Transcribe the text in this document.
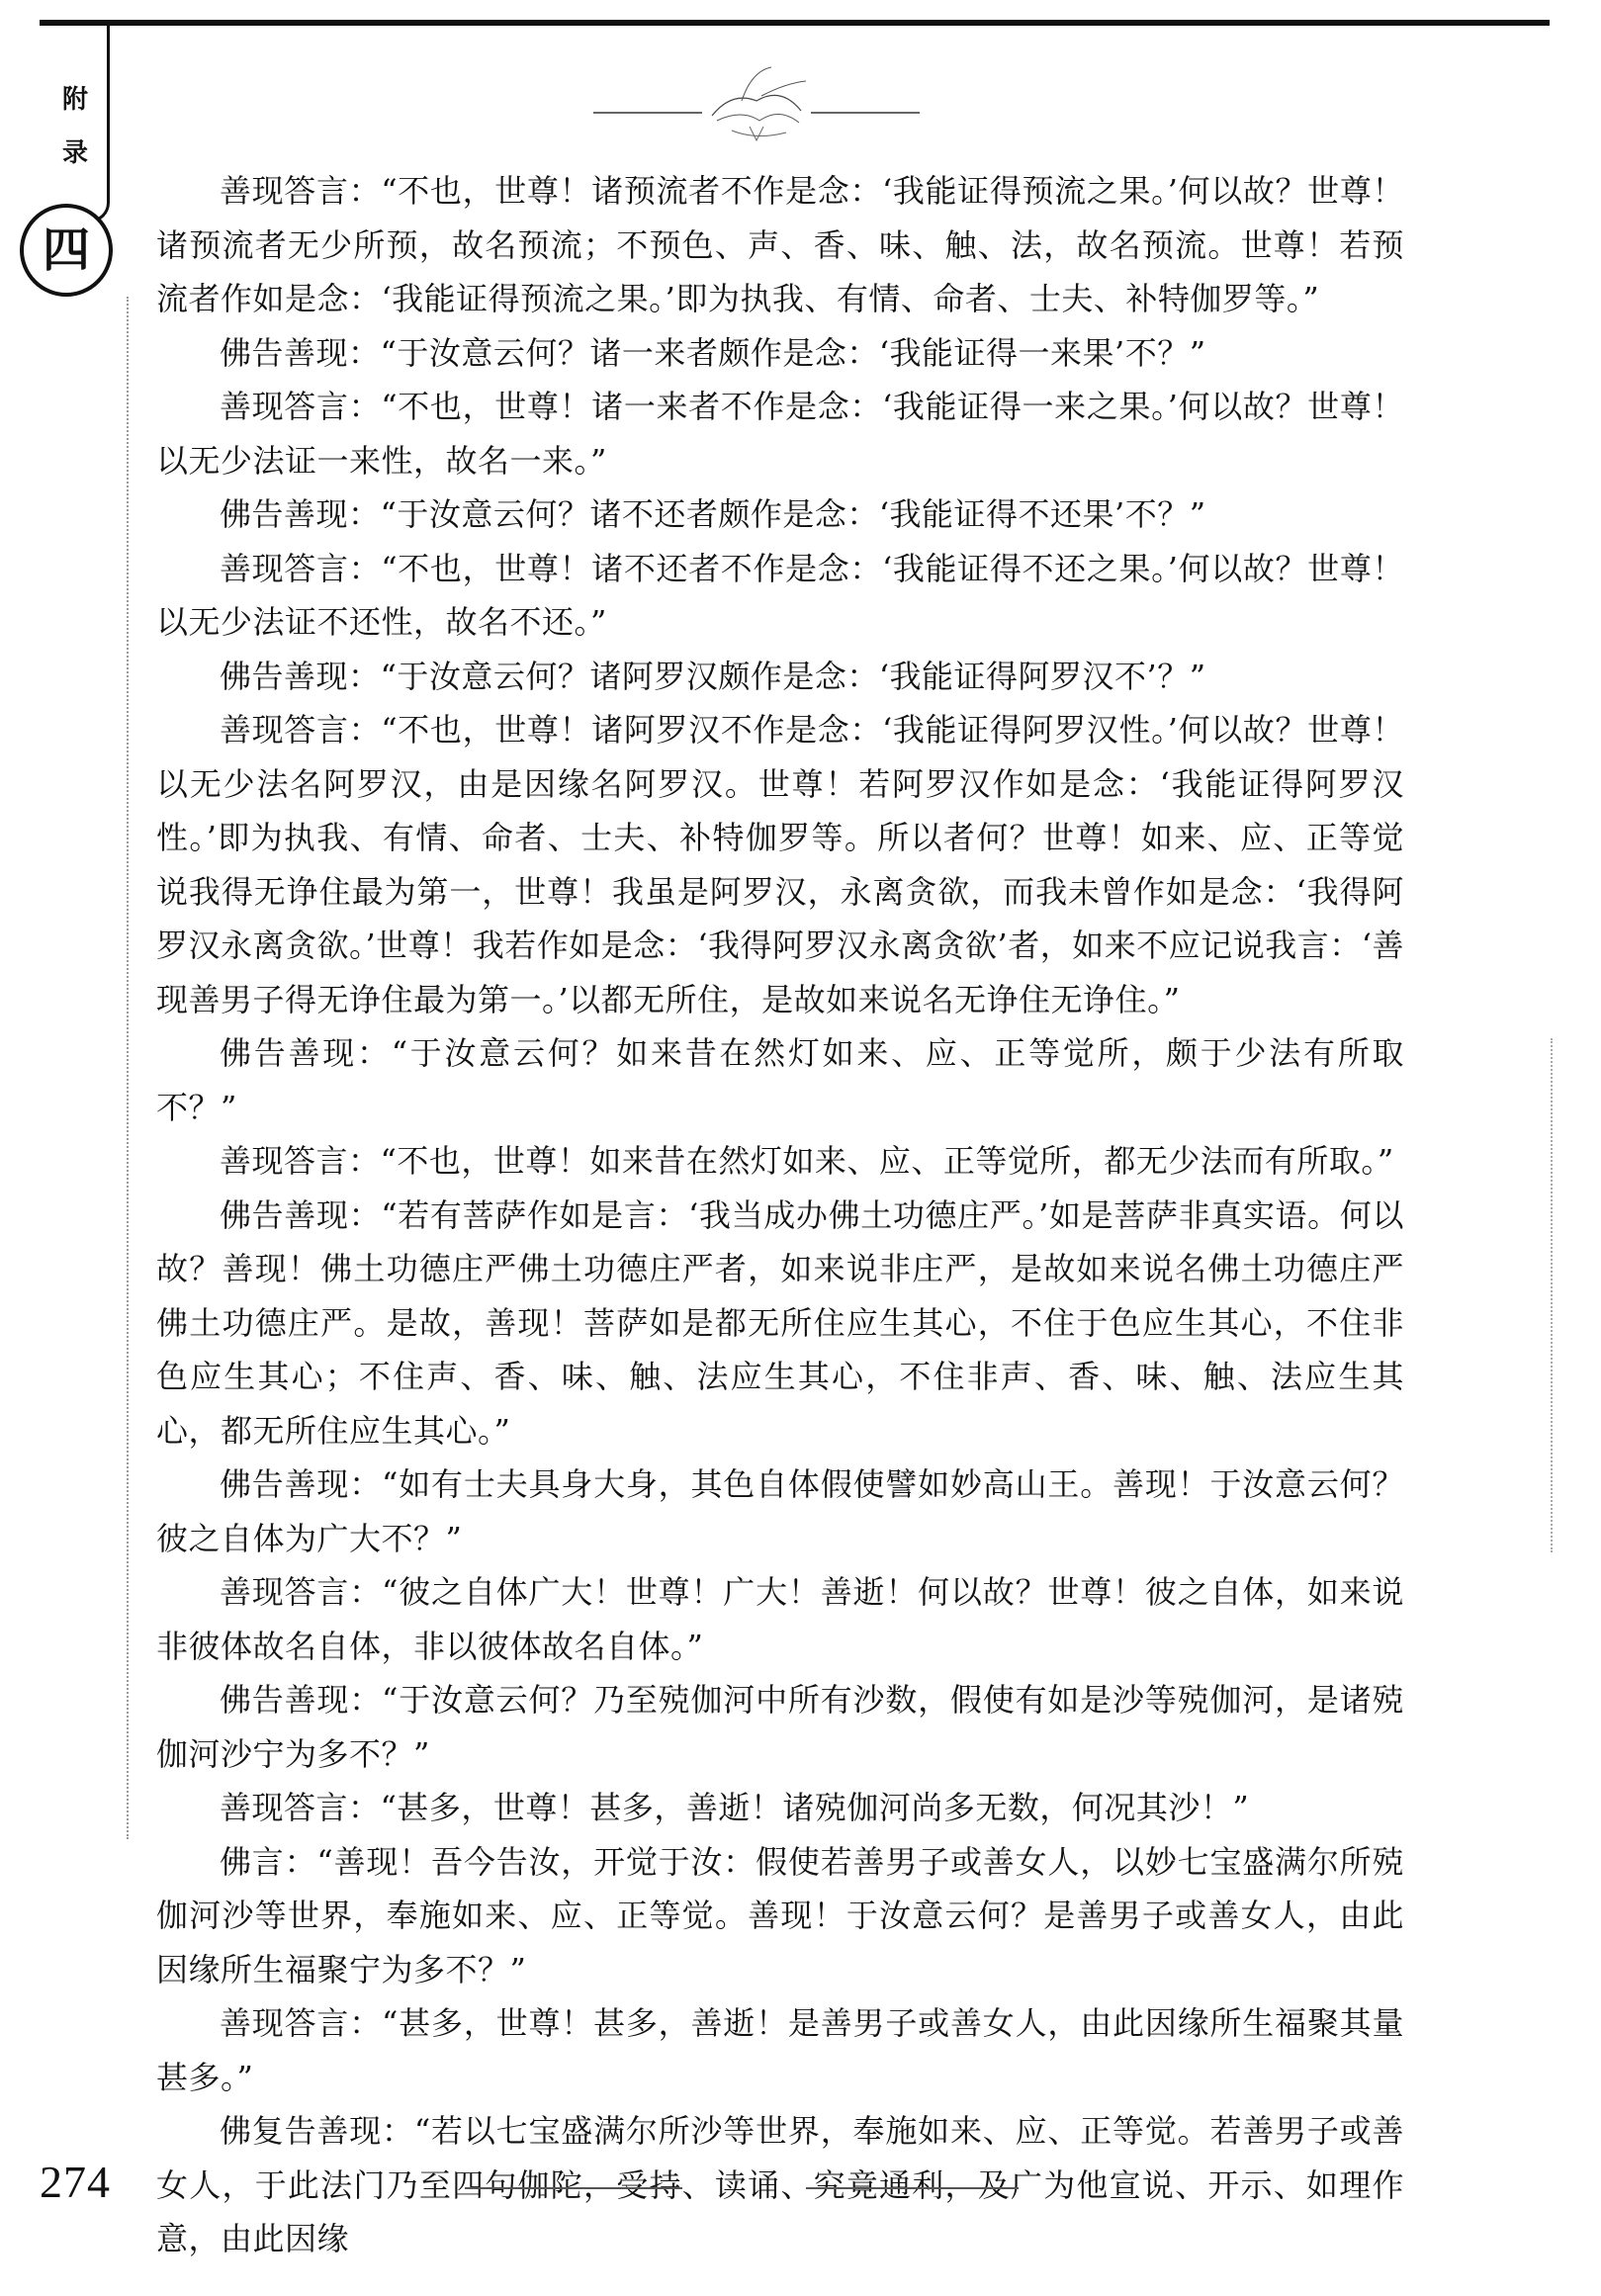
附
录
四

善现答言：“不也，世尊！诸预流者不作是念：‘我能证得预流之果。’何以故？世尊！诸预流者无少所预，故名预流；不预色、声、香、味、触、法，故名预流。世尊！若预流者作如是念：‘我能证得预流之果。’即为执我、有情、命者、士夫、补特伽罗等。”

佛告善现：“于汝意云何？诸一来者颇作是念：‘我能证得一来果’不？”

善现答言：“不也，世尊！诸一来者不作是念：‘我能证得一来之果。’何以故？世尊！以无少法证一来性，故名一来。”

佛告善现：“于汝意云何？诸不还者颇作是念：‘我能证得不还果’不？”

善现答言：“不也，世尊！诸不还者不作是念：‘我能证得不还之果。’何以故？世尊！以无少法证不还性，故名不还。”

佛告善现：“于汝意云何？诸阿罗汉颇作是念：‘我能证得阿罗汉不’？”

善现答言：“不也，世尊！诸阿罗汉不作是念：‘我能证得阿罗汉性。’何以故？世尊！以无少法名阿罗汉，由是因缘名阿罗汉。世尊！若阿罗汉作如是念：‘我能证得阿罗汉性。’即为执我、有情、命者、士夫、补特伽罗等。所以者何？世尊！如来、应、正等觉说我得无诤住最为第一，世尊！我虽是阿罗汉，永离贪欲，而我未曾作如是念：‘我得阿罗汉永离贪欲。’世尊！我若作如是念：‘我得阿罗汉永离贪欲’者，如来不应记说我言：‘善现善男子得无诤住最为第一。’以都无所住，是故如来说名无诤住无诤住。”

佛告善现：“于汝意云何？如来昔在然灯如来、应、正等觉所，颇于少法有所取不？”

善现答言：“不也，世尊！如来昔在然灯如来、应、正等觉所，都无少法而有所取。”

佛告善现：“若有菩萨作如是言：‘我当成办佛土功德庄严。’如是菩萨非真实语。何以故？善现！佛土功德庄严佛土功德庄严者，如来说非庄严，是故如来说名佛土功德庄严佛土功德庄严。是故，善现！菩萨如是都无所住应生其心，不住于色应生其心，不住非色应生其心；不住声、香、味、触、法应生其心，不住非声、香、味、触、法应生其心，都无所住应生其心。”

佛告善现：“如有士夫具身大身，其色自体假使譬如妙高山王。善现！于汝意云何？彼之自体为广大不？”

善现答言：“彼之自体广大！世尊！广大！善逝！何以故？世尊！彼之自体，如来说非彼体故名自体，非以彼体故名自体。”

佛告善现：“于汝意云何？乃至殑伽河中所有沙数，假使有如是沙等殑伽河，是诸殑伽河沙宁为多不？”

善现答言：“甚多，世尊！甚多，善逝！诸殑伽河尚多无数，何况其沙！”

佛言：“善现！吾今告汝，开觉于汝：假使若善男子或善女人，以妙七宝盛满尔所殑伽河沙等世界，奉施如来、应、正等觉。善现！于汝意云何？是善男子或善女人，由此因缘所生福聚宁为多不？”

善现答言：“甚多，世尊！甚多，善逝！是善男子或善女人，由此因缘所生福聚其量甚多。”

佛复告善现：“若以七宝盛满尔所沙等世界，奉施如来、应、正等觉。若善男子或善女人，于此法门乃至四句伽陀，受持、读诵、究竟通利，及广为他宣说、开示、如理作意，由此因缘

274
